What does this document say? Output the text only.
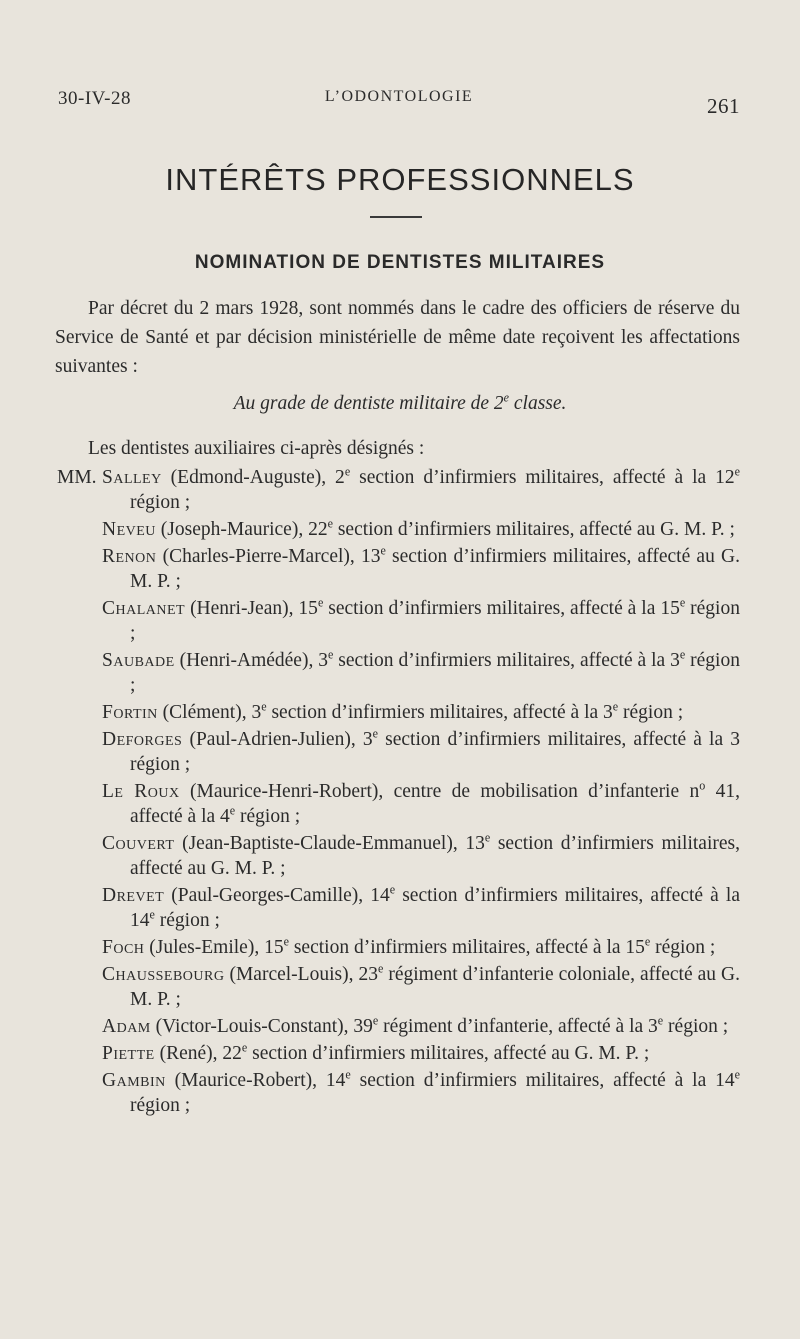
30-IV-28	L’ODONTOLOGIE	261
INTÉRÊTS PROFESSIONNELS
NOMINATION DE DENTISTES MILITAIRES

Par décret du 2 mars 1928, sont nommés dans le cadre des officiers de réserve du Service de Santé et par décision ministérielle de même date reçoivent les affectations suivantes :

Au grade de dentiste militaire de 2e classe.

Les dentistes auxiliaires ci-après désignés :

MM. Salley (Edmond-Auguste), 2e section d’infirmiers militaires, affecté à la 12e région ;

Neveu (Joseph-Maurice), 22e section d’infirmiers militaires, affecté au G. M. P. ;

Renon (Charles-Pierre-Marcel), 13e section d’infirmiers militaires, affecté au G. M. P. ;

Chalanet (Henri-Jean), 15e section d’infirmiers militaires, affecté à la 15e région ;

Saubade (Henri-Amédée), 3e section d’infirmiers militaires, affecté à la 3e région ;

Fortin (Clément), 3e section d’infirmiers militaires, affecté à la 3e région ;

Deforges (Paul-Adrien-Julien), 3e section d’infirmiers militaires, affecté à la 3 région ;

Le Roux (Maurice-Henri-Robert), centre de mobilisation d’infanterie $n^o$ 41, affecté à la 4e région ;

Couvert (Jean-Baptiste-Claude-Emmanuel), 13e section d’infirmiers militaires, affecté au G. M. P. ;

Drevet (Paul-Georges-Camille), 14e section d’infirmiers militaires, affecté à la 14e région ;

Foch (Jules-Emile), 15e section d’infirmiers militaires, affecté à la 15e région ;

Chaussebourg (Marcel-Louis), 23e régiment d’infanterie coloniale, affecté au G. M. P. ;

Adam (Victor-Louis-Constant), 39e régiment d’infanterie, affecté à la 3e région ;

Piette (René), 22e section d’infirmiers militaires, affecté au G. M. P. ;

Gambin (Maurice-Robert), 14e section d’infirmiers militaires, affecté à la 14e région ;
